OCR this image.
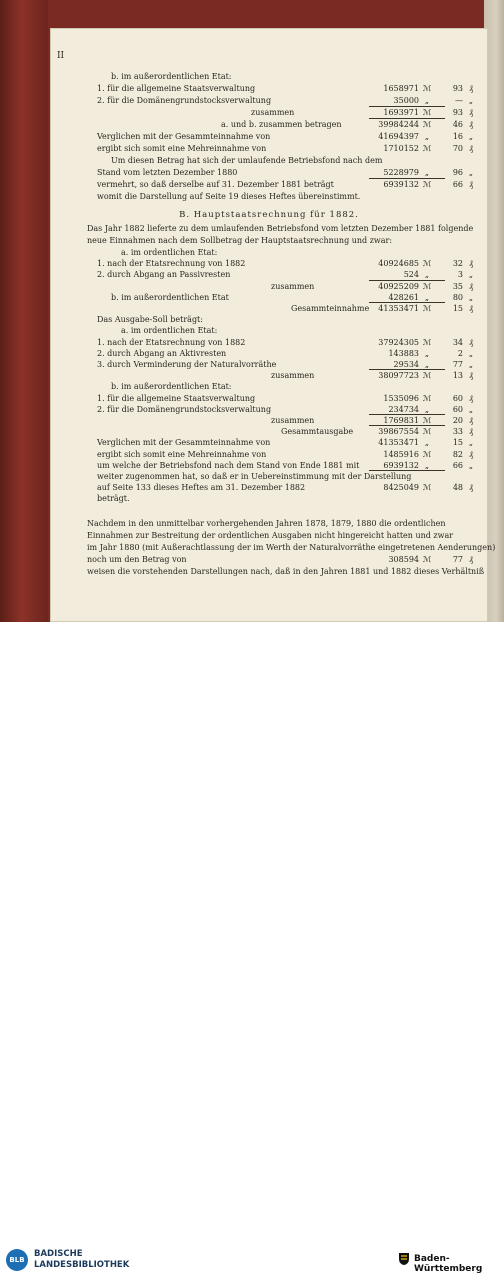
II
b. im außerordentlichen Etat:
1. für die allgemeine Staatsverwaltung	1658971 ℳ	93 ₰
2. für die Domänengrundstocksverwaltung	35000 „	— „
zusammen	1693971 ℳ	93 ₰
a. und b. zusammen betragen	39984244 ℳ	46 ₰
Verglichen mit der Gesammteinnahme von	41694397 „	16 „
ergibt sich somit eine Mehreinnahme von	1710152 ℳ	70 ₰
Um diesen Betrag hat sich der umlaufende Betriebsfond nach dem
Stand vom letzten Dezember 1880	5228979 „	96 „
vermehrt, so daß derselbe auf 31. Dezember 1881 beträgt	6939132 ℳ	66 ₰
womit die Darstellung auf Seite 19 dieses Heftes übereinstimmt.
B. Hauptstaatsrechnung für 1882.
Das Jahr 1882 lieferte zu dem umlaufenden Betriebsfond vom letzten Dezember 1881 folgende
neue Einnahmen nach dem Sollbetrag der Hauptstaatsrechnung und zwar:
a. im ordentlichen Etat:
1. nach der Etatsrechnung von 1882	40924685 ℳ	32 ₰
2. durch Abgang an Passivresten	524 „	3 „
zusammen	40925209 ℳ	35 ₰
b. im außerordentlichen Etat	428261 „	80 „
Gesammteinnahme 41353471 ℳ	15 ₰
Das Ausgabe-Soll beträgt:
a. im ordentlichen Etat:
1. nach der Etatsrechnung von 1882	37924305 ℳ	34 ₰
2. durch Abgang an Aktivresten	143883 „	2 „
3. durch Verminderung der Naturalvorräthe	29534 „	77 „
zusammen	38097723 ℳ	13 ₰
b. im außerordentlichen Etat:
1. für die allgemeine Staatsverwaltung	1535096 ℳ	60 ₰
2. für die Domänengrundstocksverwaltung	234734 „	60 „
zusammen	1769831 ℳ	20 ₰
Gesammtausgabe	39867554 ℳ	33 ₰
Verglichen mit der Gesammteinnahme von	41353471 „	15 „
ergibt sich somit eine Mehreinnahme von	1485916 ℳ	82 ₰
um welche der Betriebsfond nach dem Stand von Ende 1881 mit	6939132 „	66 „
weiter zugenommen hat, so daß er in Uebereinstimmung mit der Darstellung
auf Seite 133 dieses Heftes am 31. Dezember 1882	8425049 ℳ	48 ₰
beträgt.
Nachdem in den unmittelbar vorhergehenden Jahren 1878, 1879, 1880 die ordentlichen
Einnahmen zur Bestreitung der ordentlichen Ausgaben nicht hingereicht hatten und zwar
im Jahr 1880 (mit Außerachtlassung der im Werth der Naturalvorräthe eingetretenen Aenderungen)
noch um den Betrag von	308594 ℳ	77 ₰
weisen die vorstehenden Darstellungen nach, daß in den Jahren 1881 und 1882 dieses Verhältniß
BLB
BADISCHE
LANDESBIBLIOTHEK
Baden-Württemberg
